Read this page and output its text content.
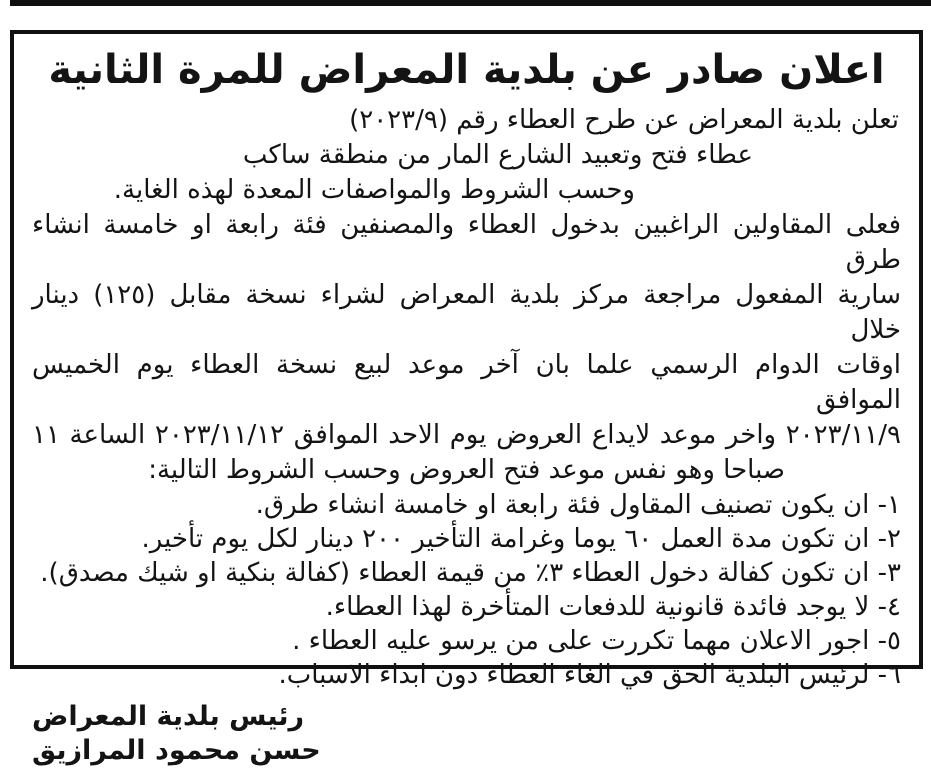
اعلان صادر عن بلدية المعراض للمرة الثانية
تعلن بلدية المعراض عن طرح العطاء رقم (٢٠٢٣/٩)
عطاء فتح وتعبيد الشارع المار من منطقة ساكب
وحسب الشروط والمواصفات المعدة لهذه الغاية.
فعلى المقاولين الراغبين بدخول العطاء والمصنفين فئة رابعة او خامسة انشاء طرق
سارية المفعول مراجعة مركز بلدية المعراض لشراء نسخة مقابل (١٢٥) دينار خلال
اوقات الدوام الرسمي علما بان آخر موعد لبيع نسخة العطاء يوم الخميس الموافق
٢٠٢٣/١١/٩ واخر موعد لايداع العروض يوم الاحد الموافق ٢٠٢٣/١١/١٢ الساعة ١١
صباحا وهو نفس موعد فتح العروض وحسب الشروط التالية:
١- ان يكون تصنيف المقاول فئة رابعة او خامسة انشاء طرق.
٢- ان تكون مدة العمل ٦٠ يوما وغرامة التأخير ٢٠٠ دينار لكل يوم تأخير.
٣- ان تكون كفالة دخول العطاء ٣٪ من قيمة العطاء (كفالة بنكية او شيك مصدق).
٤- لا يوجد فائدة قانونية للدفعات المتأخرة لهذا العطاء.
٥- اجور الاعلان مهما تكررت على من يرسو عليه العطاء .
٦- لرئيس البلدية الحق في الغاء العطاء دون ابداء الاسباب.
رئيس بلدية المعراض
حسن محمود المرازيق
